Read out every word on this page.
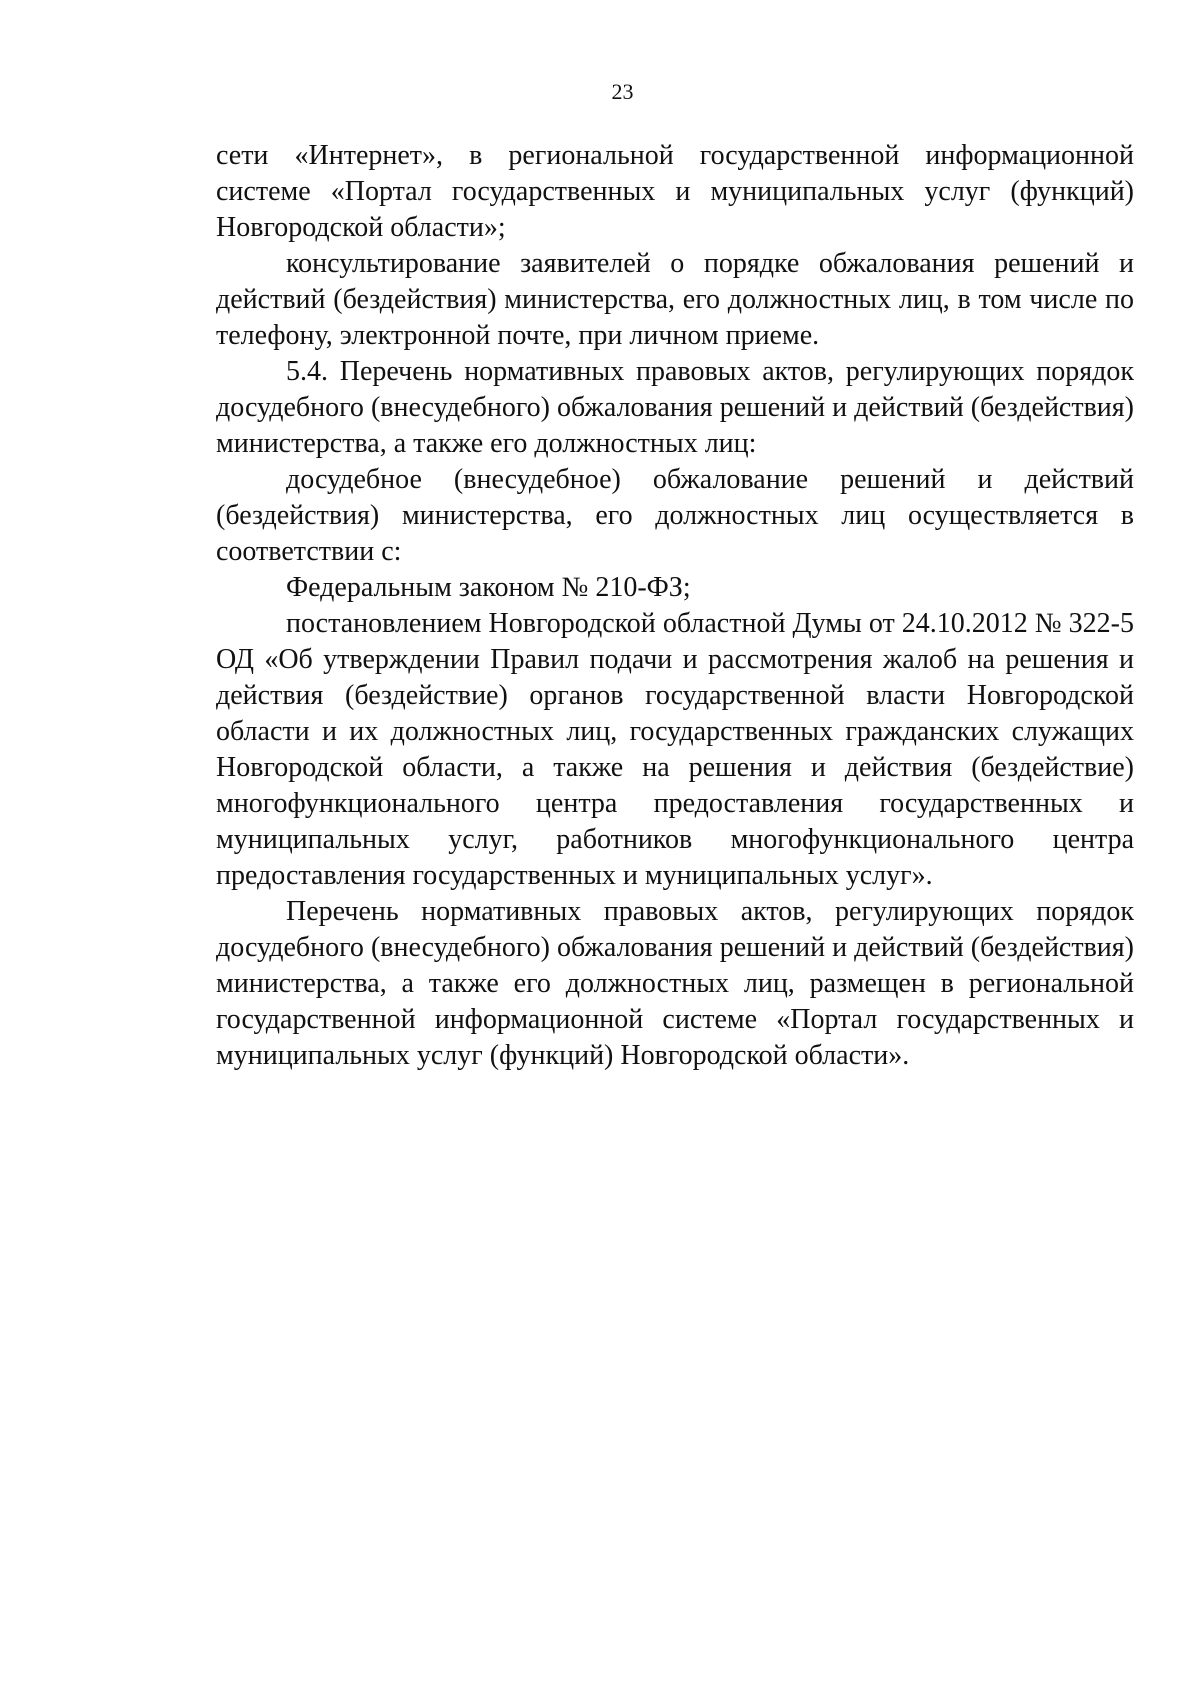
23

сети «Интернет», в региональной государственной информационной системе «Портал государственных и муниципальных услуг (функций) Новгородской области»;

консультирование заявителей о порядке обжалования решений и действий (бездействия) министерства, его должностных лиц, в том числе по телефону, электронной почте, при личном приеме.

5.4. Перечень нормативных правовых актов, регулирующих порядок досудебного (внесудебного) обжалования решений и действий (бездействия) министерства, а также его должностных лиц:

досудебное (внесудебное) обжалование решений и действий (бездействия) министерства, его должностных лиц осуществляется в соответствии с:

Федеральным законом № 210-ФЗ;

постановлением Новгородской областной Думы от 24.10.2012 № 322-5 ОД «Об утверждении Правил подачи и рассмотрения жалоб на решения и действия (бездействие) органов государственной власти Новгородской области и их должностных лиц, государственных гражданских служащих Новгородской области, а также на решения и действия (бездействие) многофункционального центра предоставления государственных и муниципальных услуг, работников многофункционального центра предоставления государственных и муниципальных услуг».

Перечень нормативных правовых актов, регулирующих порядок досудебного (внесудебного) обжалования решений и действий (бездействия) министерства, а также его должностных лиц, размещен в региональной государственной информационной системе «Портал государственных и муниципальных услуг (функций) Новгородской области».
